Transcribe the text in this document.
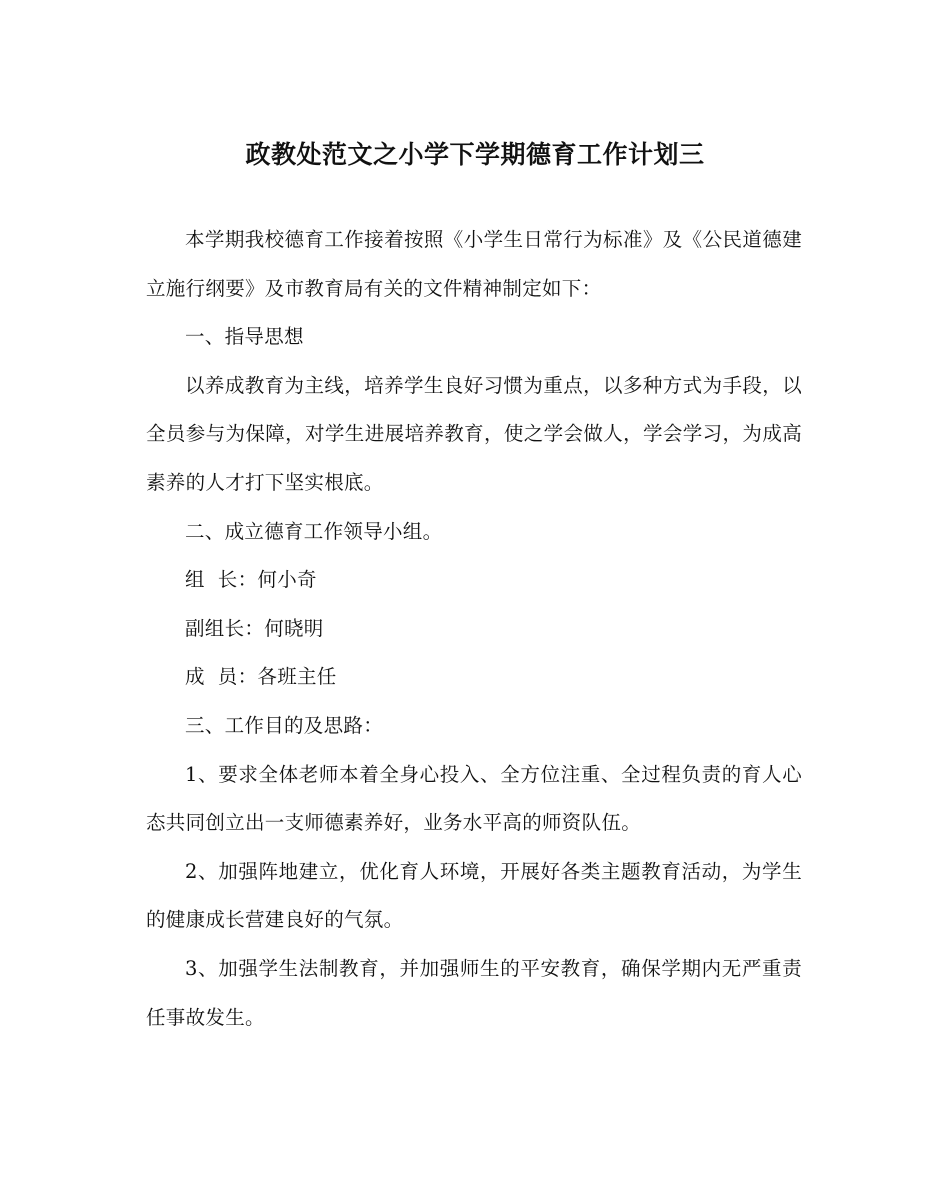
政教处范文之小学下学期德育工作计划三

本学期我校德育工作接着按照《小学生日常行为标准》及《公民道德建立施行纲要》及市教育局有关的文件精神制定如下：

一、指导思想

以养成教育为主线，培养学生良好习惯为重点，以多种方式为手段，以全员参与为保障，对学生进展培养教育，使之学会做人，学会学习，为成高素养的人才打下坚实根底。

二、成立德育工作领导小组。

组  长：何小奇

副组长：何晓明

成  员：各班主任

三、工作目的及思路：

1、要求全体老师本着全身心投入、全方位注重、全过程负责的育人心态共同创立出一支师德素养好，业务水平高的师资队伍。

2、加强阵地建立，优化育人环境，开展好各类主题教育活动，为学生的健康成长营建良好的气氛。

3、加强学生法制教育，并加强师生的平安教育，确保学期内无严重责任事故发生。
